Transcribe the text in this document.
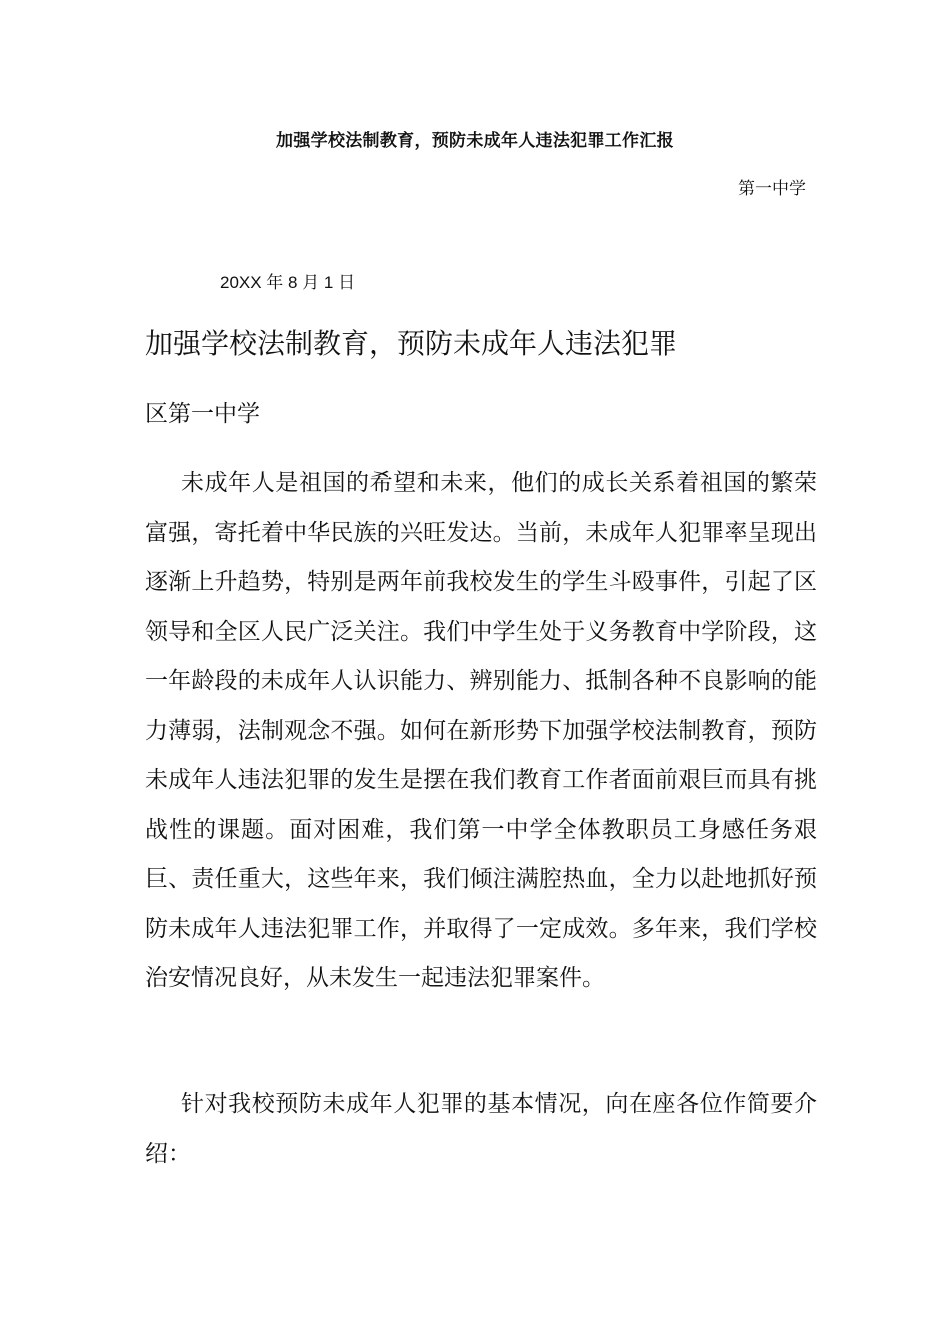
加强学校法制教育，预防未成年人违法犯罪工作汇报
第一中学
20XX 年 8 月 1 日
加强学校法制教育，预防未成年人违法犯罪
区第一中学

未成年人是祖国的希望和未来，他们的成长关系着祖国的繁荣富强，寄托着中华民族的兴旺发达。当前，未成年人犯罪率呈现出逐渐上升趋势，特别是两年前我校发生的学生斗殴事件，引起了区领导和全区人民广泛关注。我们中学生处于义务教育中学阶段，这一年龄段的未成年人认识能力、辨别能力、抵制各种不良影响的能力薄弱，法制观念不强。如何在新形势下加强学校法制教育，预防未成年人违法犯罪的发生是摆在我们教育工作者面前艰巨而具有挑战性的课题。面对困难，我们第一中学全体教职员工身感任务艰巨、责任重大，这些年来，我们倾注满腔热血，全力以赴地抓好预防未成年人违法犯罪工作，并取得了一定成效。多年来，我们学校治安情况良好，从未发生一起违法犯罪案件。

针对我校预防未成年人犯罪的基本情况，向在座各位作简要介绍：
